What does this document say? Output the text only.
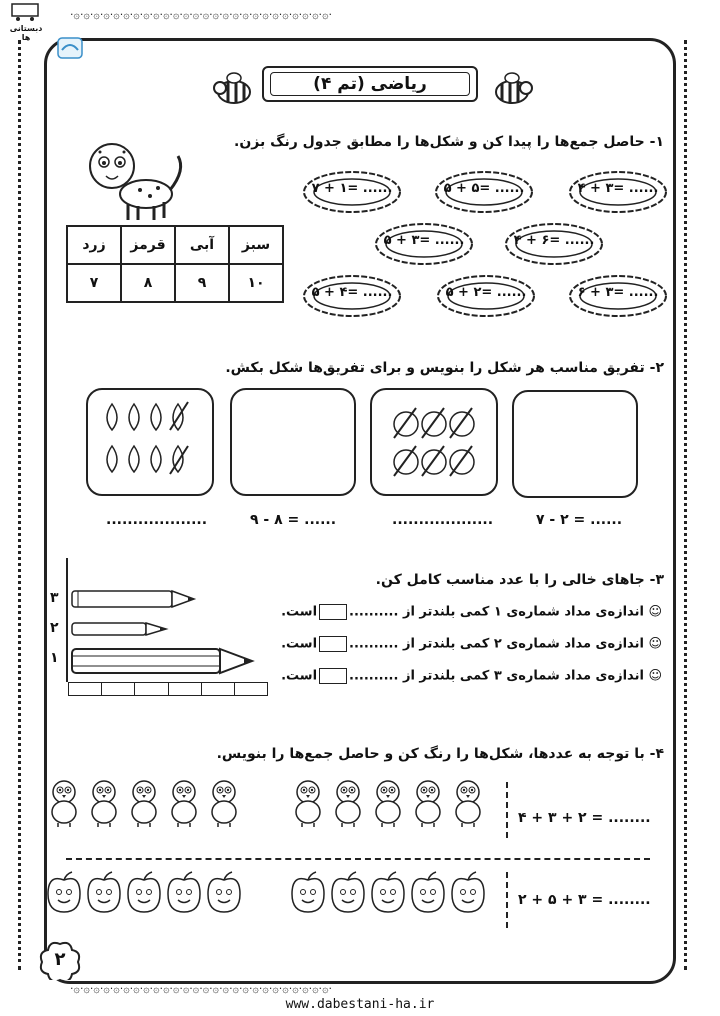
·۞·۞·۞·۞·۞·۞·۞·۞·۞·۞·۞·۞·۞·۞·۞·۞·۞·۞·۞·۞·۞·۞·۞·۞·۞·۞·
·۞·۞·۞·۞·۞·۞·۞·۞·۞·۞·۞·۞·۞·۞·۞·۞·۞·۞·۞·۞·۞·۞·۞·۞·۞·۞·
دبستانی ها
ریاضی (تم ۴)
۱- حاصل جمع‌ها را پیدا کن و شکل‌ها را مطابق جدول رنگ بزن.
سبز	آبی	قرمز	زرد
۱۰	۹	۸	۷
۷ + ۱= ......	۵ + ۵= ......	۴ + ۳= ......
۵ + ۳= ......	۴ + ۶= ......
۵ + ۴= ......	۵ + ۲= ......	۶ + ۳= ......
۲- تفریق مناسب هر شکل را بنویس و برای تفریق‌ها شکل بکش.
...................	۹ - ۸ = ......	...................	۷ - ۲ = ......
۳- جاهای خالی را با عدد مناسب کامل کن.
۳
۲
۱
☺ اندازه‌ی مداد شماره‌ی ۱ کمی بلندتر از ..........است.
☺ اندازه‌ی مداد شماره‌ی ۲ کمی بلندتر از ..........است.
☺ اندازه‌ی مداد شماره‌ی ۳ کمی بلندتر از ..........است.
۴- با توجه به عددها، شکل‌ها را رنگ کن و حاصل جمع‌ها را بنویس.
۴ + ۳ + ۲ = ........
۲ + ۵ + ۳ = ........
۲
www.dabestani-ha.ir
